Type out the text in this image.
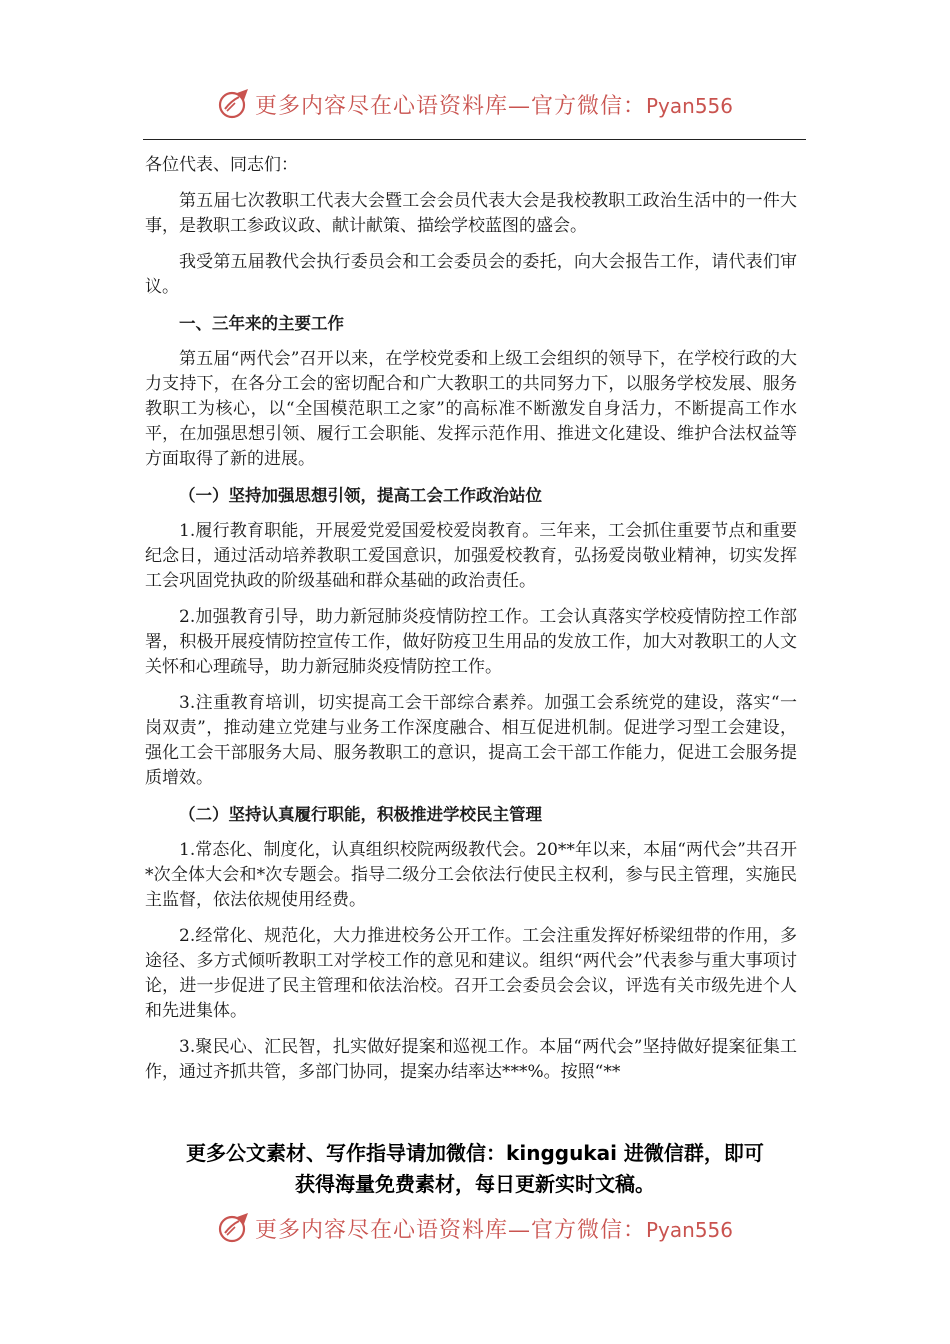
更多内容尽在心语资料库—官方微信：Pyan556

各位代表、同志们：

第五届七次教职工代表大会暨工会会员代表大会是我校教职工政治生活中的一件大事，是教职工参政议政、献计献策、描绘学校蓝图的盛会。

我受第五届教代会执行委员会和工会委员会的委托，向大会报告工作，请代表们审议。

一、三年来的主要工作

第五届“两代会”召开以来，在学校党委和上级工会组织的领导下，在学校行政的大力支持下，在各分工会的密切配合和广大教职工的共同努力下，以服务学校发展、服务教职工为核心，以“全国模范职工之家”的高标准不断激发自身活力，不断提高工作水平，在加强思想引领、履行工会职能、发挥示范作用、推进文化建设、维护合法权益等方面取得了新的进展。

（一）坚持加强思想引领，提高工会工作政治站位

1.履行教育职能，开展爱党爱国爱校爱岗教育。三年来，工会抓住重要节点和重要纪念日，通过活动培养教职工爱国意识，加强爱校教育，弘扬爱岗敬业精神，切实发挥工会巩固党执政的阶级基础和群众基础的政治责任。

2.加强教育引导，助力新冠肺炎疫情防控工作。工会认真落实学校疫情防控工作部署，积极开展疫情防控宣传工作，做好防疫卫生用品的发放工作，加大对教职工的人文关怀和心理疏导，助力新冠肺炎疫情防控工作。

3.注重教育培训，切实提高工会干部综合素养。加强工会系统党的建设，落实“一岗双责”，推动建立党建与业务工作深度融合、相互促进机制。促进学习型工会建设，强化工会干部服务大局、服务教职工的意识，提高工会干部工作能力，促进工会服务提质增效。

（二）坚持认真履行职能，积极推进学校民主管理

1.常态化、制度化，认真组织校院两级教代会。20**年以来，本届“两代会”共召开*次全体大会和*次专题会。指导二级分工会依法行使民主权利，参与民主管理，实施民主监督，依法依规使用经费。

2.经常化、规范化，大力推进校务公开工作。工会注重发挥好桥梁纽带的作用，多途径、多方式倾听教职工对学校工作的意见和建议。组织“两代会”代表参与重大事项讨论，进一步促进了民主管理和依法治校。召开工会委员会会议，评选有关市级先进个人和先进集体。

3.聚民心、汇民智，扎实做好提案和巡视工作。本届“两代会”坚持做好提案征集工作，通过齐抓共管，多部门协同，提案办结率达***%。按照“**

更多公文素材、写作指导请加微信：kinggukai 进微信群，即可
获得海量免费素材，每日更新实时文稿。
更多内容尽在心语资料库—官方微信：Pyan556
